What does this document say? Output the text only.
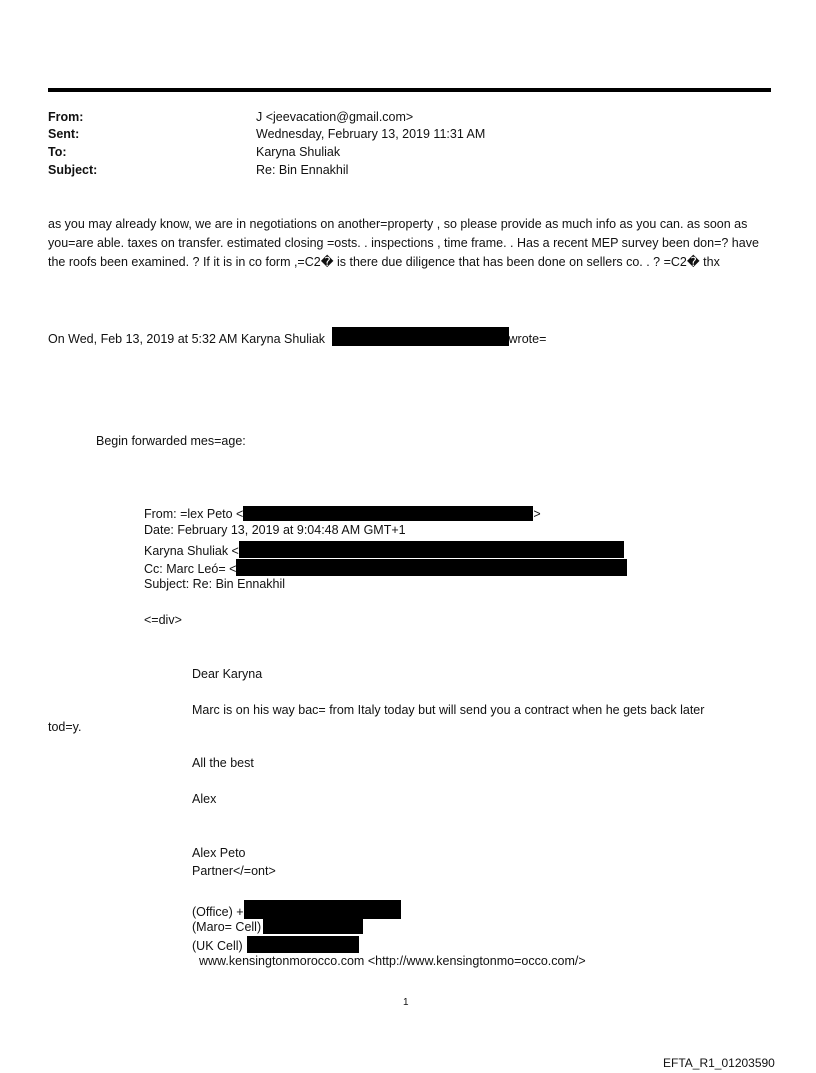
From:	J <jeevacation@gmail.com>
Sent:	Wednesday, February 13, 2019 11:31 AM
To:	Karyna Shuliak
Subject:	Re: Bin Ennakhil
as you may already know, we are in negotiations on another=property , so please provide as much info as you can. as soon as you=are able. taxes on transfer. estimated closing =osts. . inspections , time frame. . Has a recent MEP survey been don=? have the roofs been examined. ? If it is in co form ,=C2� is there due diligence that has been done on sellers co. . ? =C2� thx
On Wed, Feb 13, 2019 at 5:32 AM Karyna Shuliak	wrote=
Begin forwarded mes=age:
From: =lex Peto <	>
Date: February 13, 2019 at 9:04:48 AM GMT+1
Karyna Shuliak <
Cc: Marc Leó= <
Subject: Re: Bin Ennakhil
<=div>
Dear Karyna
Marc is on his way bac= from Italy today but will send you a contract when he gets back later
tod=y.
All the best
Alex
Alex Peto
Partner</=ont>
(Office) +
(Maro= Cell)
(UK Cell)
www.kensingtonmorocco.com <http://www.kensingtonmo=occo.com/>
1
EFTA_R1_01203590
